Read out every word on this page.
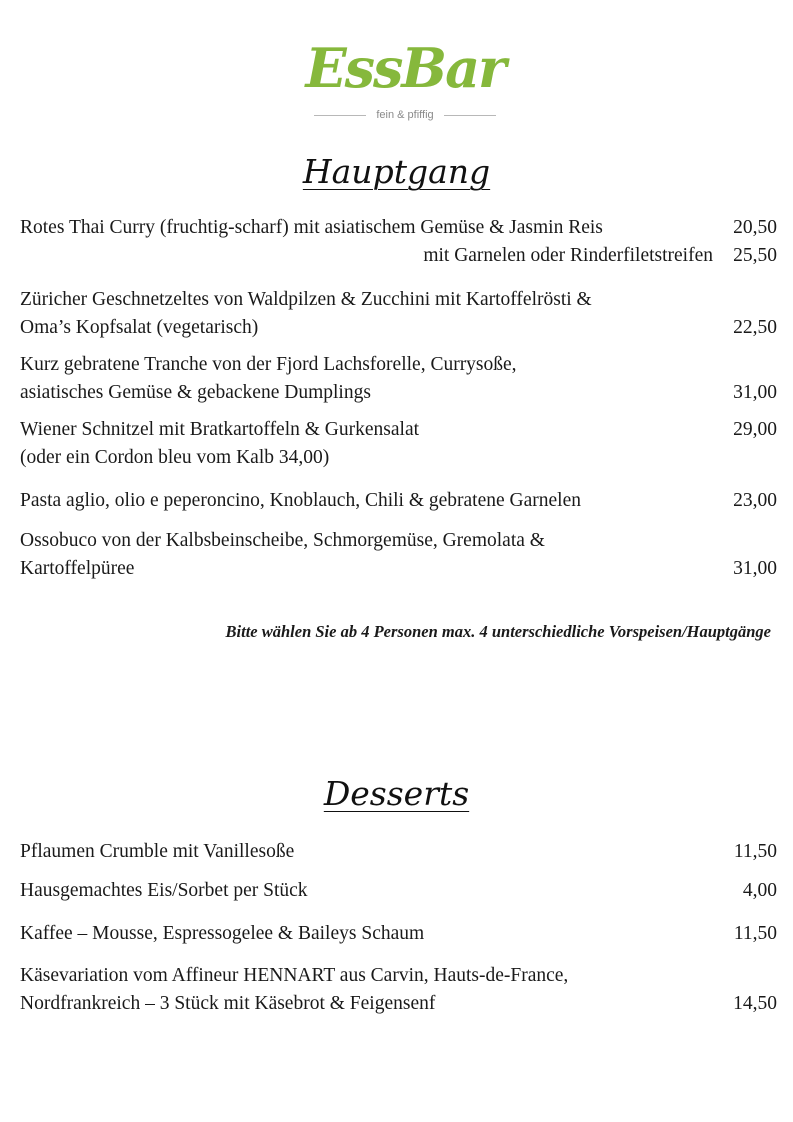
EssBar
fein & pfiffig
Hauptgang
Rotes Thai Curry (fruchtig-scharf) mit asiatischem Gemüse & Jasmin Reis	20,50
mit Garnelen oder Rinderfiletstreifen 25,50
Züricher Geschnetzeltes von Waldpilzen & Zucchini mit Kartoffelrösti &
Oma’s Kopfsalat (vegetarisch)	22,50
Kurz gebratene Tranche von der Fjord Lachsforelle, Currysoße,
asiatisches Gemüse & gebackene Dumplings	31,00
Wiener Schnitzel mit Bratkartoffeln & Gurkensalat	29,00
(oder ein Cordon bleu vom Kalb 34,00)
Pasta aglio, olio e peperoncino, Knoblauch, Chili & gebratene Garnelen	23,00
Ossobuco von der Kalbsbeinscheibe, Schmorgemüse, Gremolata &
Kartoffelpüree	31,00
Bitte wählen Sie ab 4 Personen max. 4 unterschiedliche Vorspeisen/Hauptgänge
Desserts
Pflaumen Crumble mit Vanillesoße	11,50
Hausgemachtes Eis/Sorbet per Stück	4,00
Kaffee – Mousse, Espressogelee & Baileys Schaum	11,50
Käsevariation vom Affineur HENNART aus Carvin, Hauts-de-France,
Nordfrankreich – 3 Stück mit Käsebrot & Feigensenf	14,50
